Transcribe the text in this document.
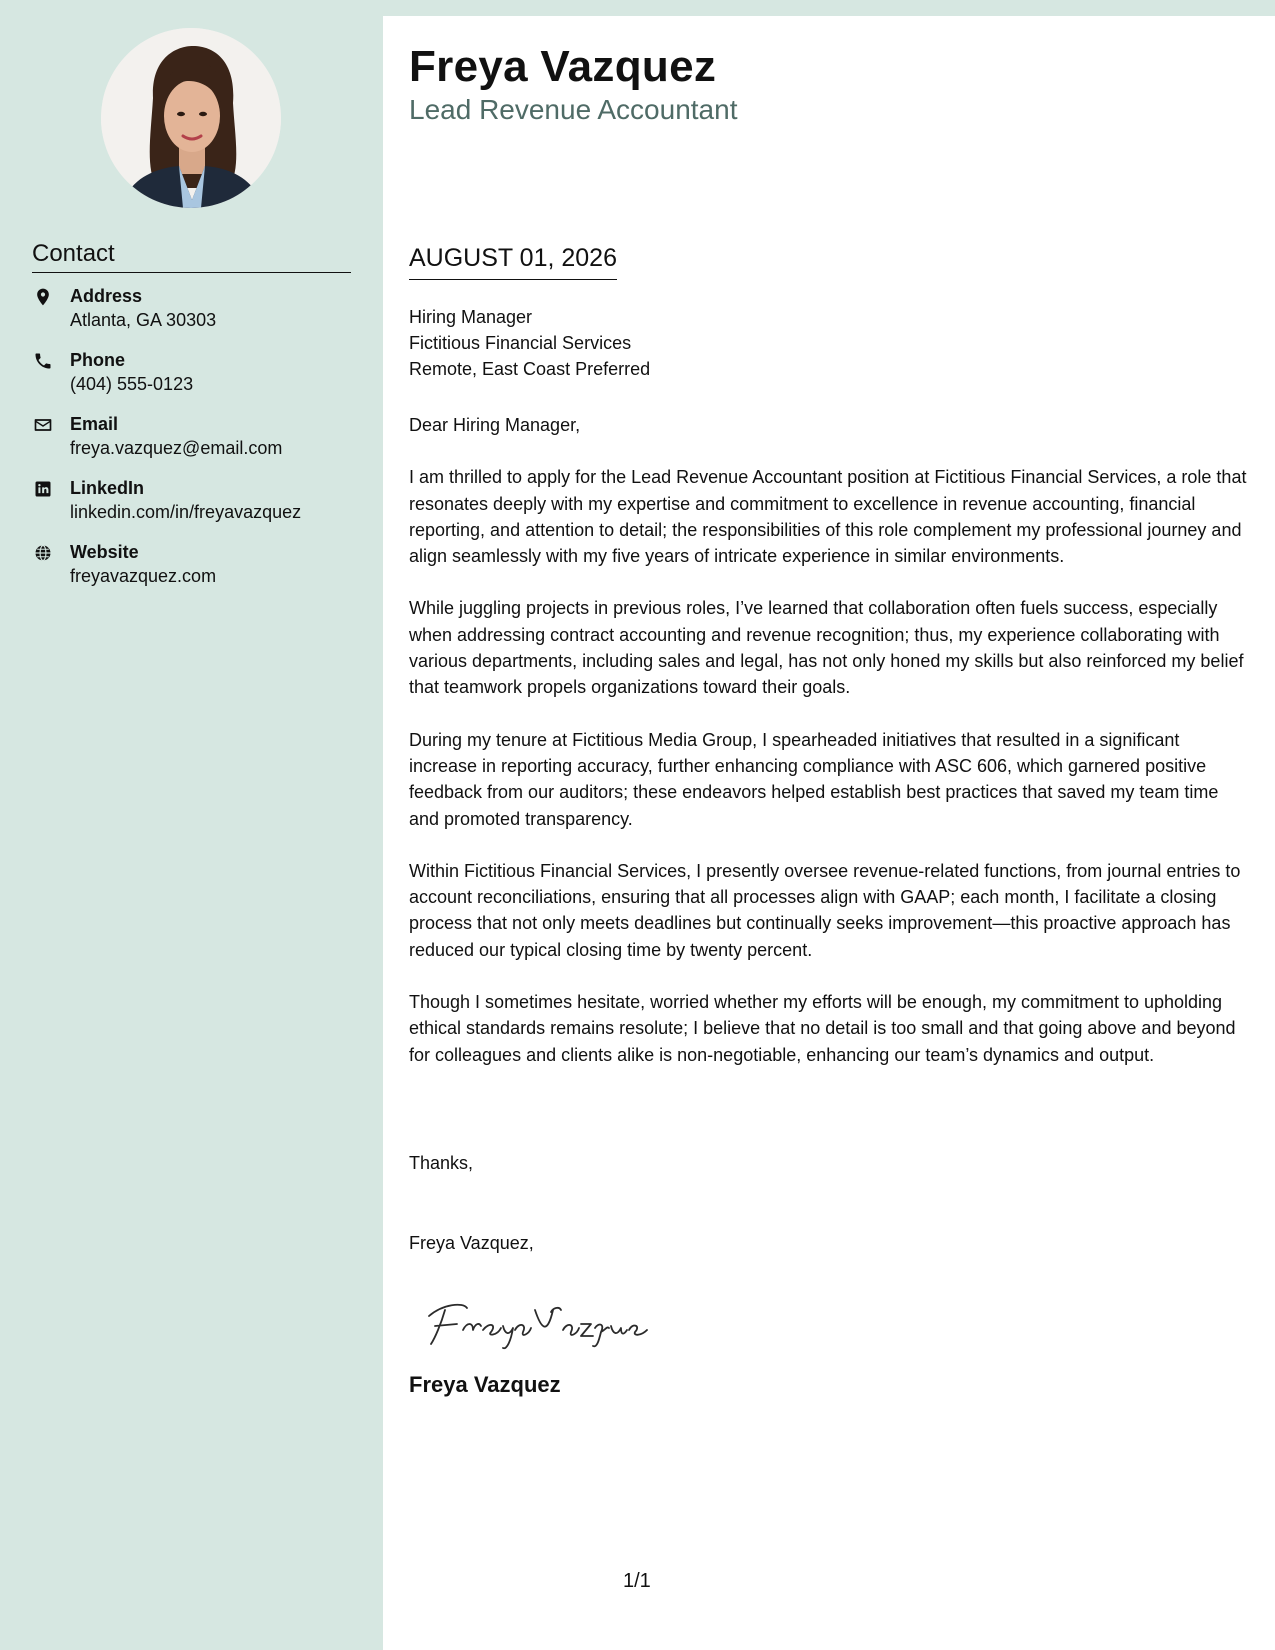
Contact
Address
Atlanta, GA 30303
Phone
(404) 555-0123
Email
freya.vazquez@email.com
LinkedIn
linkedin.com/in/freyavazquez
Website
freyavazquez.com
Freya Vazquez
Lead Revenue Accountant
AUGUST 01, 2026
Hiring Manager
Fictitious Financial Services
Remote, East Coast Preferred

Dear Hiring Manager,

I am thrilled to apply for the Lead Revenue Accountant position at Fictitious Financial Services, a role that resonates deeply with my expertise and commitment to excellence in revenue accounting, financial reporting, and attention to detail; the responsibilities of this role complement my professional journey and align seamlessly with my five years of intricate experience in similar environments.

While juggling projects in previous roles, I’ve learned that collaboration often fuels success, especially when addressing contract accounting and revenue recognition; thus, my experience collaborating with various departments, including sales and legal, has not only honed my skills but also reinforced my belief that teamwork propels organizations toward their goals.

During my tenure at Fictitious Media Group, I spearheaded initiatives that resulted in a significant increase in reporting accuracy, further enhancing compliance with ASC 606, which garnered positive feedback from our auditors; these endeavors helped establish best practices that saved my team time and promoted transparency.

Within Fictitious Financial Services, I presently oversee revenue-related functions, from journal entries to account reconciliations, ensuring that all processes align with GAAP; each month, I facilitate a closing process that not only meets deadlines but continually seeks improvement—this proactive approach has reduced our typical closing time by twenty percent.

Though I sometimes hesitate, worried whether my efforts will be enough, my commitment to upholding ethical standards remains resolute; I believe that no detail is too small and that going above and beyond for colleagues and clients alike is non-negotiable, enhancing our team’s dynamics and output.

Thanks,
Freya Vazquez,
Freya Vazquez
1/1
